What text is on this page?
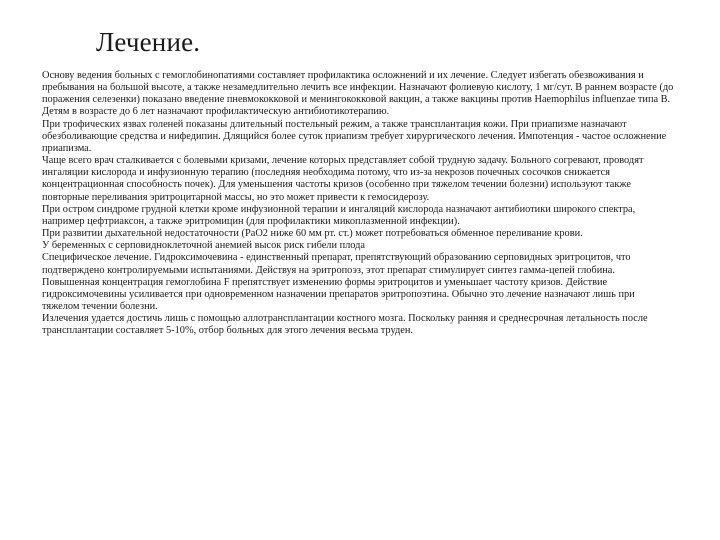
Лечение.

Основу ведения больных с гемоглобинопатиями составляет профилактика осложнений и их лечение. Следует избегать обезвоживания и пребывания на большой высоте, а также незамедлительно лечить все инфекции. Назначают фолиевую кислоту, 1 мг/сут. В раннем возрасте (до поражения селезенки) показано введение пневмококковой и менингококковой вакцин, а также вакцины против Haemophilus influenzae типа В. Детям в возрасте до 6 лет назначают профилактическую антибиотикотерапию.

При трофических язвах голеней показаны длительный постельный режим, а также трансплантация кожи. При приапизме назначают обезболивающие средства и нифедипин. Длящийся более суток приапизм требует хирургического лечения. Импотенция - частое осложнение приапизма.

Чаще всего врач сталкивается с болевыми кризами, лечение которых представляет собой трудную задачу. Больного согревают, проводят ингаляции кислорода и инфузионную терапию (последняя необходима потому, что из-за некрозов почечных сосочков снижается концентрационная способность почек). Для уменьшения частоты кризов (особенно при тяжелом течении болезни) используют также повторные переливания эритроцитарной массы, но это может привести к гемосидерозу.

При остром синдроме грудной клетки кроме инфузионной терапии и ингаляций кислорода назначают антибиотики широкого спектра, например цефтриаксон, а также эритромицин (для профилактики микоплазменной инфекции).

При развитии дыхательной недостаточности (РаО2 ниже 60 мм рт. ст.) может потребоваться обменное переливание крови.

У беременных с серповидноклеточной анемией высок риск гибели плода

Специфическое лечение. Гидроксимочевина - единственный препарат, препятствующий образованию серповидных эритроцитов, что подтверждено контролируемыми испытаниями. Действуя на эритропоэз, этот препарат стимулирует синтез гамма-цепей глобина. Повышенная концентрация гемоглобина F препятствует изменению формы эритроцитов и уменьшает частоту кризов. Действие гидроксимочевины усиливается при одновременном назначении препаратов эритропоэтина. Обычно это лечение назначают лишь при тяжелом течении болезни.

Излечения удается достичь лишь с помощью аллотрансплантации костного мозга. Поскольку ранняя и среднесрочная летальность после трансплантации составляет 5-10%, отбор больных для этого лечения весьма труден.
